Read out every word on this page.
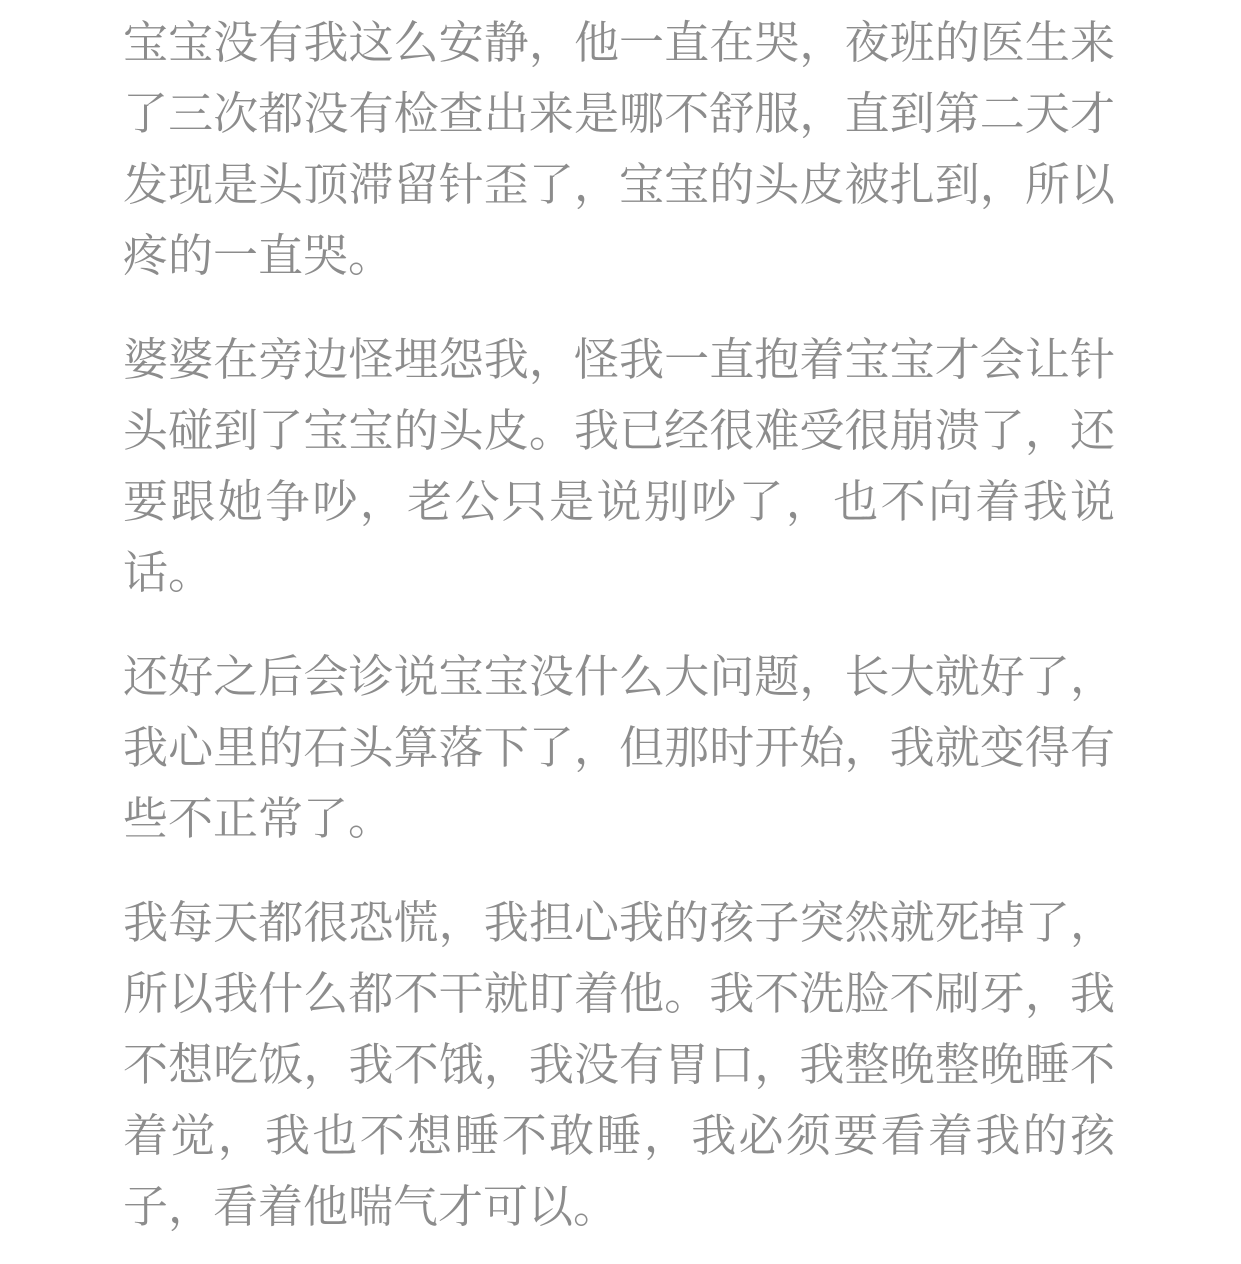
宝宝没有我这么安静，他一直在哭，夜班的医生来了三次都没有检查出来是哪不舒服，直到第二天才发现是头顶滞留针歪了，宝宝的头皮被扎到，所以疼的一直哭。

婆婆在旁边怪埋怨我，怪我一直抱着宝宝才会让针头碰到了宝宝的头皮。我已经很难受很崩溃了，还要跟她争吵，老公只是说别吵了，也不向着我说话。

还好之后会诊说宝宝没什么大问题，长大就好了，我心里的石头算落下了，但那时开始，我就变得有些不正常了。

我每天都很恐慌，我担心我的孩子突然就死掉了，所以我什么都不干就盯着他。我不洗脸不刷牙，我不想吃饭，我不饿，我没有胃口，我整晚整晚睡不着觉，我也不想睡不敢睡，我必须要看着我的孩子，看着他喘气才可以。
